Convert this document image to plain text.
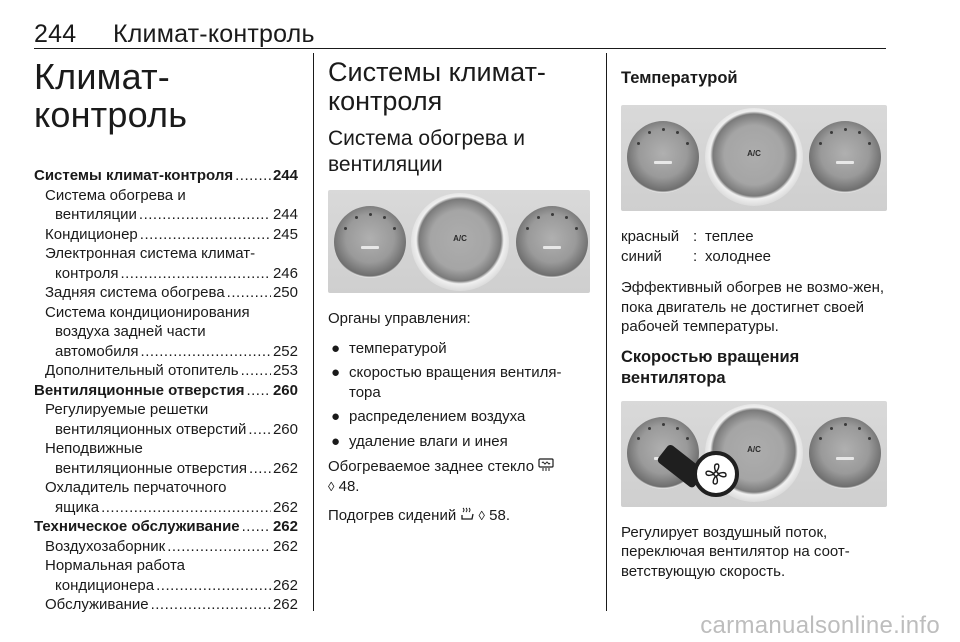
244 Климат-контроль
Климат-контроль
Системы климат-контроля .....	244
Система обогрева и
вентиляции .....	244
Кондиционер .....	245
Электронная система климат-
контроля .....	246
Задняя система обогрева .....	250
Система кондиционирования
воздуха задней части
автомобиля .....	252
Дополнительный отопитель ..... 253
Вентиляционные отверстия ..... 260
Регулируемые решетки
вентиляционных отверстий ..... 260
Неподвижные
вентиляционные отверстия ..... 262
Охладитель перчаточного
ящика .....	262
Техническое обслуживание ..... 262
Воздухозаборник .....	262
Нормальная работа
кондиционера .....	262
Обслуживание .....	262
Системы климат-контроля
Система обогрева и вентиляции
A/C

Органы управления:

● температурой
● скоростью вращения вентиля-тора
● распределением воздуха
● удаление влаги и инея

Обогреваемое заднее стекло
◊ 48.

Подогрев сидений ◊ 58.

Температурой
A/C
красный : теплее
синий	: холоднее

Эффективный обогрев не возмо-жен, пока двигатель не достигнет своей рабочей температуры.

Скоростью вращения вентилятора
A/C

Регулирует воздушный поток, переключая вентилятор на соот-ветствующую скорость.

carmanualsonline.info
